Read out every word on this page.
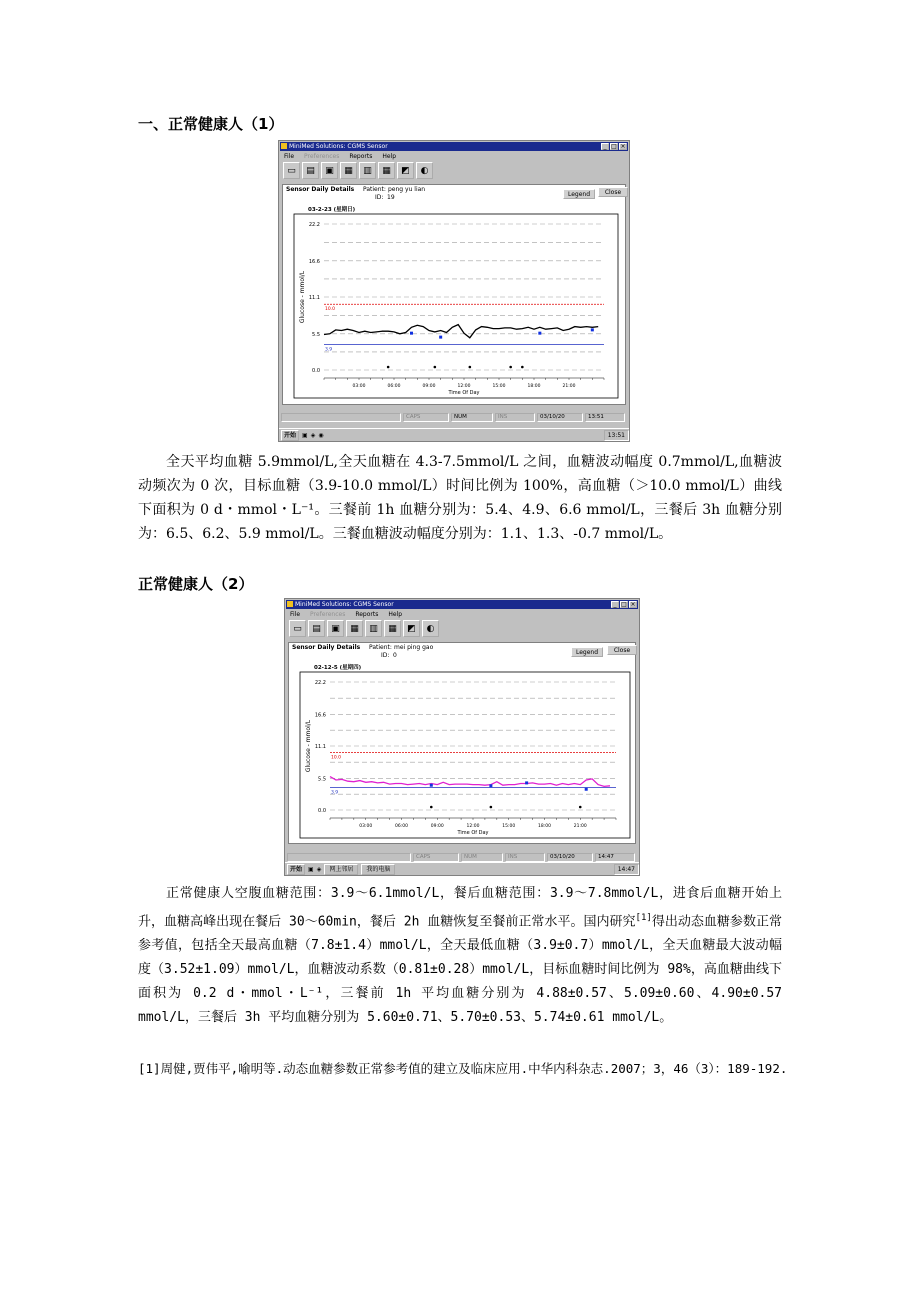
一、正常健康人（1）
MiniMed Solutions: CGMS Sensor	_ □ ×
File Preferences Reports Help
▭	▤	▣	▦	▥	▦	◩	◐
Sensor Daily Details Patient: peng yu lian
ID: 19	Legend	Close
03-2-23 (星期日)
0.0
5.5
11.1
16.6
22.2
10.0
3.9
Glucose - mmol/L
03:00	06:00	09:00	12:00	15:00	18:00	21:00
Time Of Day
CAPS	NUM	INS	03/10/20	13:51
开始	▣ ◈ ◉	13:51
全天平均血糖 5.9mmol/L,全天血糖在 4.3-7.5mmol/L 之间，血糖波动幅度 0.7mmol/L,血糖波动频次为 0 次，目标血糖（3.9-10.0 mmol/L）时间比例为 100%，高血糖（＞10.0 mmol/L）曲线下面积为 0 d・mmol・L⁻¹。三餐前 1h 血糖分别为：5.4、4.9、6.6 mmol/L，三餐后 3h 血糖分别为：6.5、6.2、5.9 mmol/L。三餐血糖波动幅度分别为：1.1、1.3、-0.7 mmol/L。
正常健康人（2）
MiniMed Solutions: CGMS Sensor	_ □ ×
File Preferences Reports Help
▭	▤	▣	▦	▥	▦	◩	◐
Sensor Daily Details Patient: mei ping gao
ID: 0	Legend	Close
02-12-5 (星期四)
0.0
5.5
11.1
16.6
22.2
10.0
3.9
Glucose - mmol/L
03:00	06:00	09:00	12:00	15:00	18:00	21:00
Time Of Day
CAPS	NUM	INS	03/10/20	14:47
开始	▣ ◈	网上邻居	我的电脑	14:47
正常健康人空腹血糖范围：3.9～6.1mmol/L，餐后血糖范围：3.9～7.8mmol/L，进食后血糖开始上升，血糖高峰出现在餐后 30～60min，餐后 2h 血糖恢复至餐前正常水平。国内研究[1]得出动态血糖参数正常参考值，包括全天最高血糖（7.8±1.4）mmol/L，全天最低血糖（3.9±0.7）mmol/L，全天血糖最大波动幅度（3.52±1.09）mmol/L，血糖波动系数（0.81±0.28）mmol/L，目标血糖时间比例为 98%，高血糖曲线下面积为 0.2 d・mmol・L⁻¹，三餐前 1h 平均血糖分别为 4.88±0.57、5.09±0.60、4.90±0.57 mmol/L，三餐后 3h 平均血糖分别为 5.60±0.71、5.70±0.53、5.74±0.61 mmol/L。
[1]周健,贾伟平,喻明等.动态血糖参数正常参考值的建立及临床应用.中华内科杂志.2007；3，46（3）：189-192.
